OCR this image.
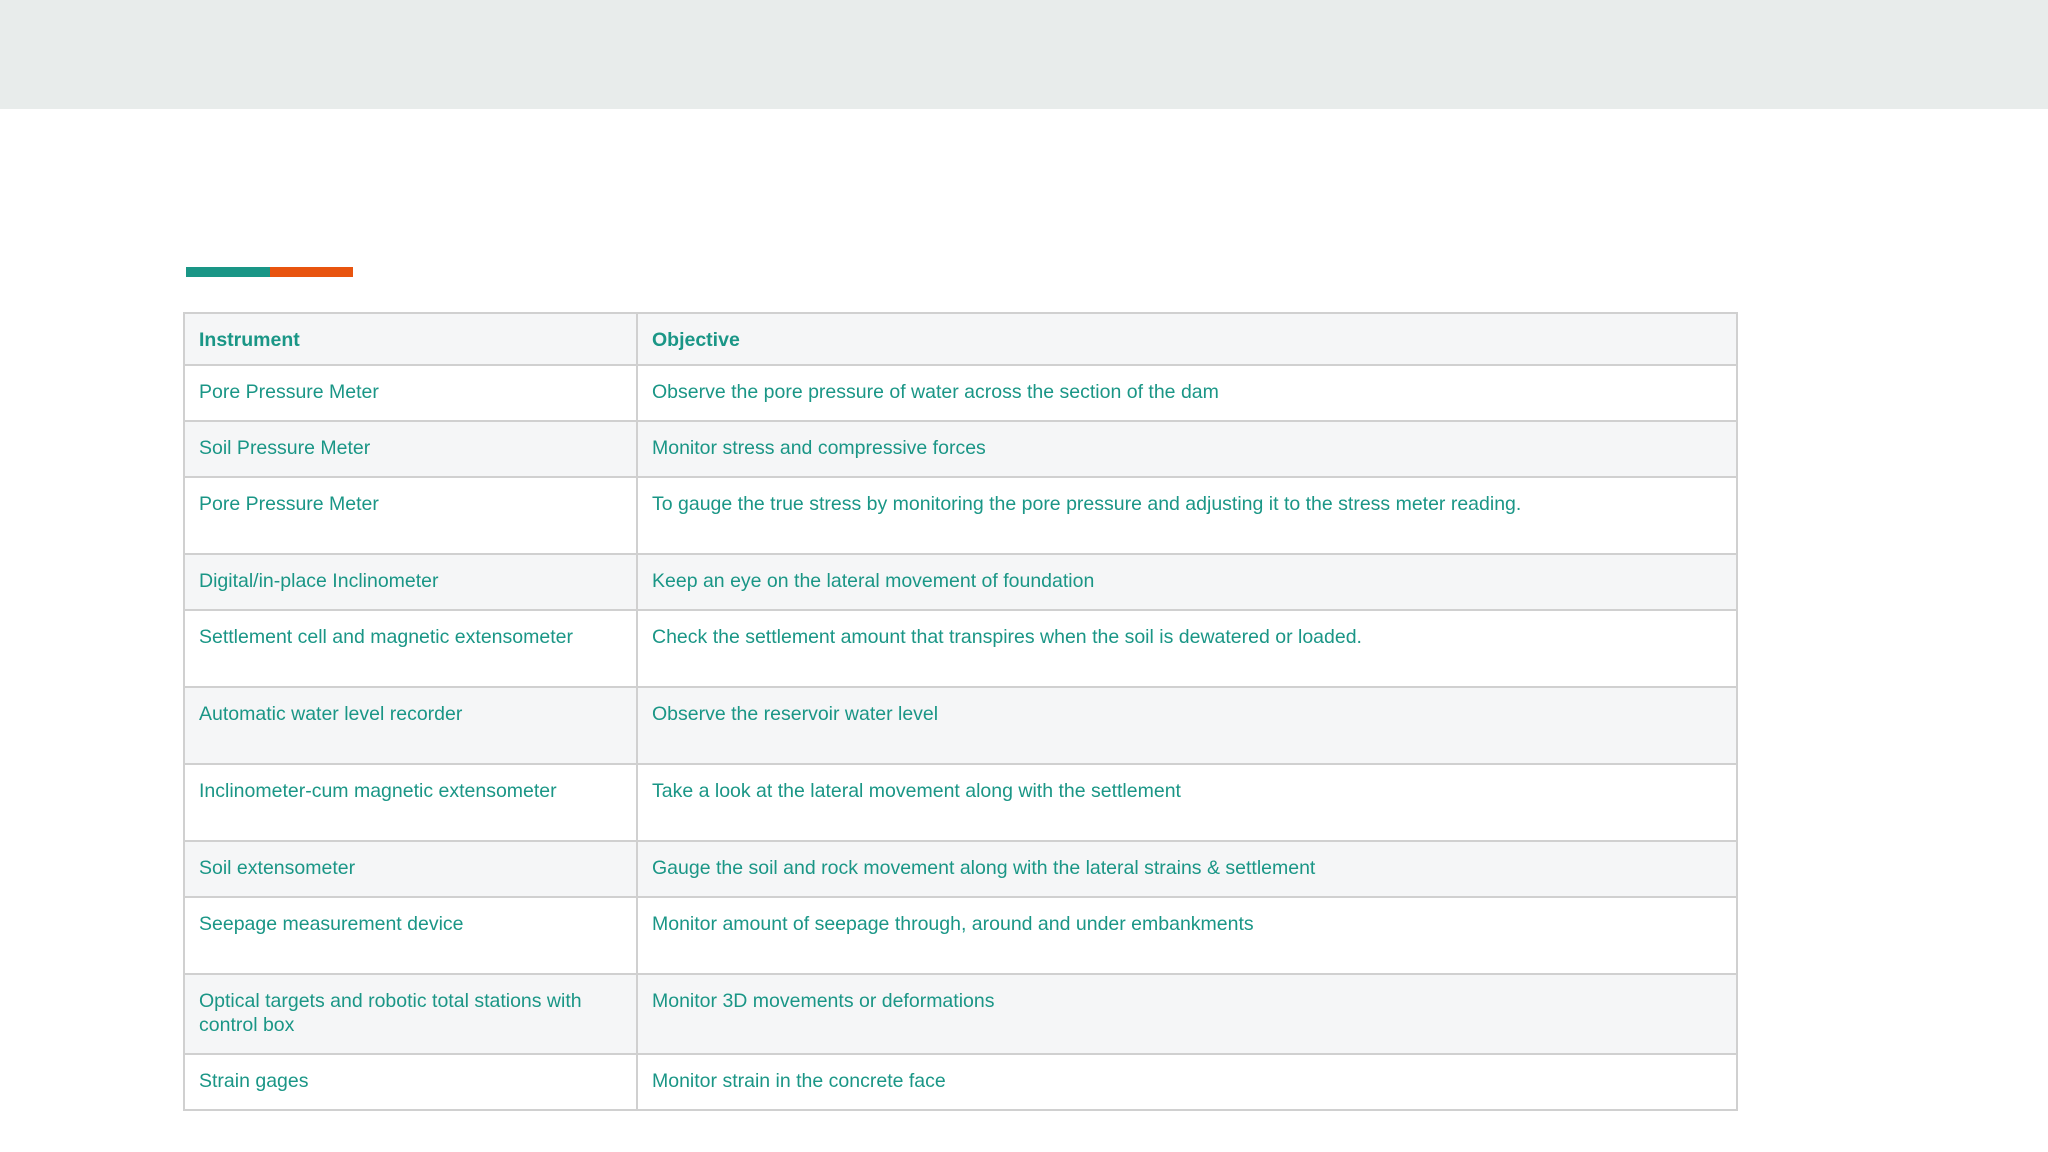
Instrument	Objective
Pore Pressure Meter	Observe the pore pressure of water across the section of the dam
Soil Pressure Meter	Monitor stress and compressive forces
Pore Pressure Meter	To gauge the true stress by monitoring the pore pressure and adjusting it to the stress meter reading.
Digital/in-place Inclinometer	Keep an eye on the lateral movement of foundation
Settlement cell and magnetic extensometer	Check the settlement amount that transpires when the soil is dewatered or loaded.
Automatic water level recorder	Observe the reservoir water level
Inclinometer-cum magnetic extensometer	Take a look at the lateral movement along with the settlement
Soil extensometer	Gauge the soil and rock movement along with the lateral strains & settlement
Seepage measurement device	Monitor amount of seepage through, around and under embankments
Optical targets and robotic total stations with control box	Monitor 3D movements or deformations
Strain gages	Monitor strain in the concrete face
